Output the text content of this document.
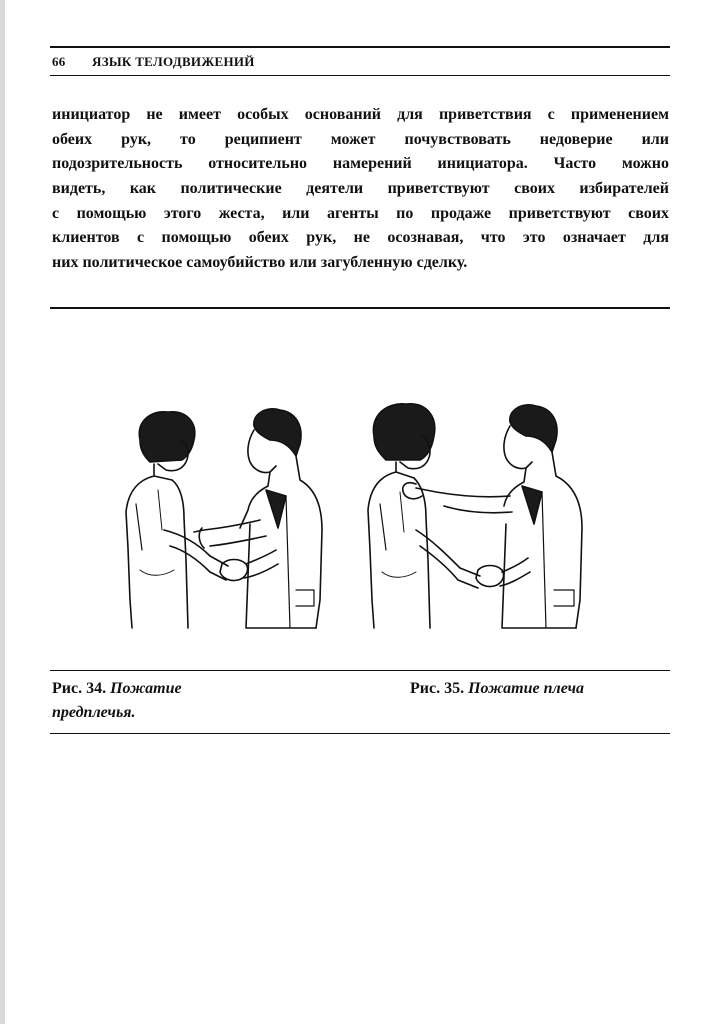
66 ЯЗЫК ТЕЛОДВИЖЕНИЙ
инициатор не имеет особых оснований для приветствия с применением
обеих рук, то реципиент может почувствовать недоверие или
подозрительность относительно намерений инициатора. Часто можно
видеть, как политические деятели приветствуют своих избирателей
с помощью этого жеста, или агенты по продаже приветствуют своих
клиентов с помощью обеих рук, не осознавая, что это означает для
них политическое самоубийство или загубленную сделку.
Рис. 34. Пожатие
предплечья.
Рис. 35. Пожатие плеча
